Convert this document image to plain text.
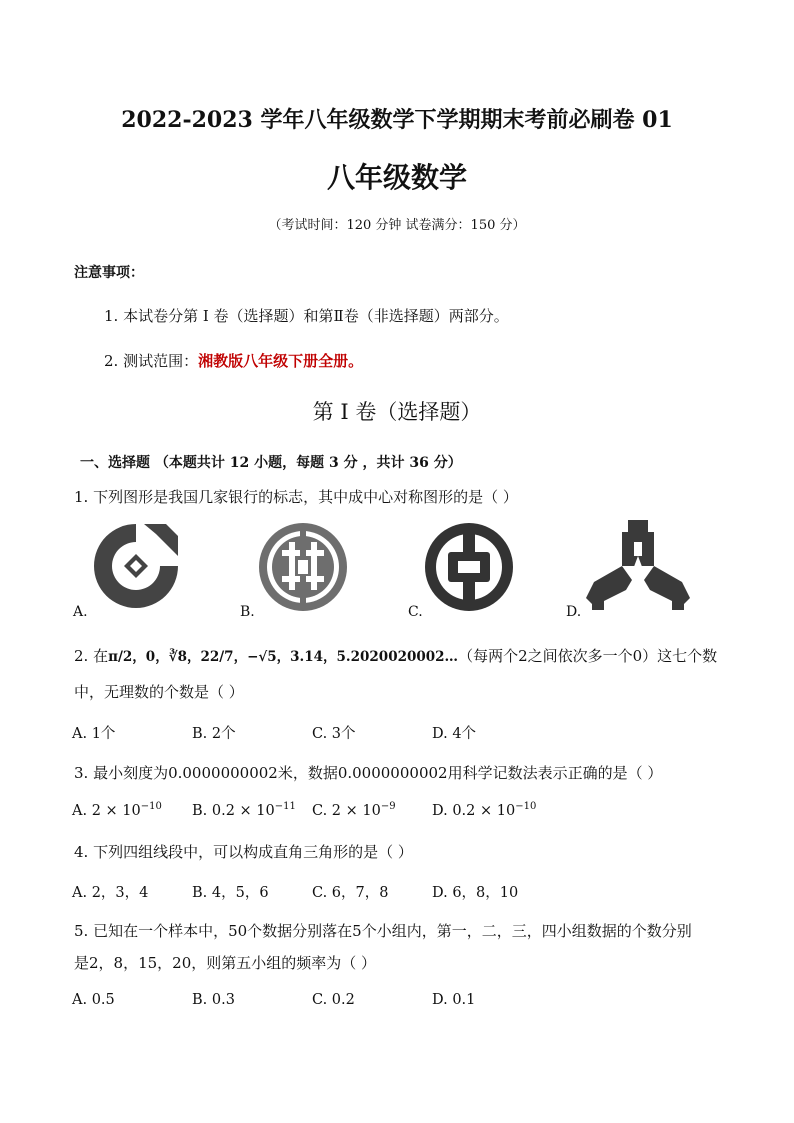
2022-2023 学年八年级数学下学期期末考前必刷卷 01
八年级数学
（考试时间：120 分钟 试卷满分：150 分）
注意事项：
1. 本试卷分第 I 卷（选择题）和第Ⅱ卷（非选择题）两部分。
2. 测试范围：湘教版八年级下册全册。
第 I 卷（选择题）
一、选择题 （本题共计 12 小题，每题 3 分 ，共计 36 分）
1. 下列图形是我国几家银行的标志，其中成中心对称图形的是（ ）
A.	B.	C.	D.
2. 在π/2，0，∛8，22/7，−√5，3.14，5.2020020002…（每两个2之间依次多一个0）这七个数
中，无理数的个数是（ ）
A. 1个	B. 2个	C. 3个	D. 4个
3. 最小刻度为0.0000000002米，数据0.0000000002用科学记数法表示正确的是（ ）
A. $2 \times 10^{-10}$ B. $0.2 \times 10^{-11}$ C. $2 \times 10^{-9}$	D. $0.2 \times 10^{-10}$
4. 下列四组线段中，可以构成直角三角形的是（ ）
A. 2，3，4	B. 4，5，6	C. 6，7，8	D. 6，8，10
5. 已知在一个样本中，50个数据分别落在5个小组内，第一，二，三，四小组数据的个数分别
是2，8，15，20，则第五小组的频率为（ ）
A. 0.5	B. 0.3	C. 0.2	D. 0.1
